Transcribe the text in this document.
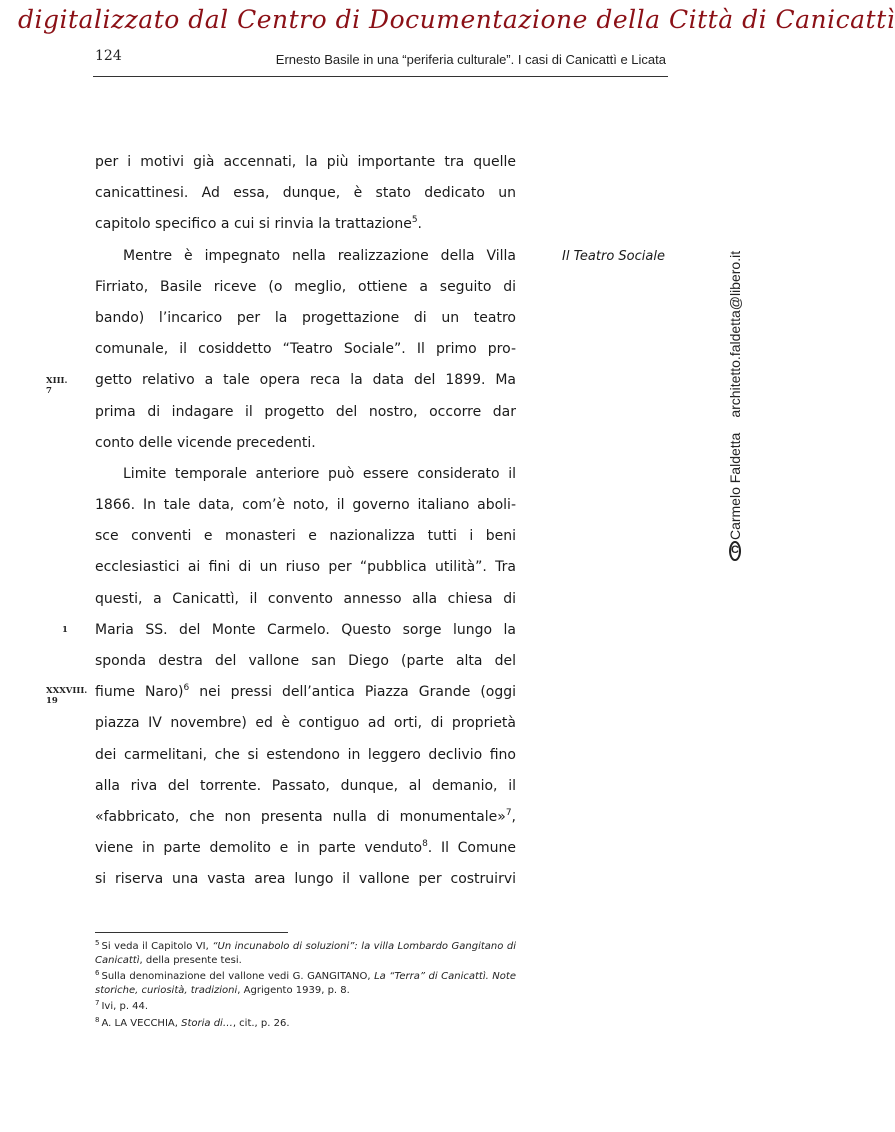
digitalizzato dal Centro di Documentazione della Città di Canicattì
124	Ernesto Basile in una “periferia culturale”. I casi di Canicattì e Licata
per i motivi già accennati, la più importante tra quelle
canicattinesi. Ad essa, dunque, è stato dedicato un
capitolo specifico a cui si rinvia la trattazione$^5$.
Mentre è impegnato nella realizzazione della Villa
Firriato, Basile riceve (o meglio, ottiene a seguito di
bando) l’incarico per la progettazione di un teatro
comunale, il cosiddetto “Teatro Sociale”. Il primo pro-
getto relativo a tale opera reca la data del 1899. Ma
prima di indagare il progetto del nostro, occorre dar
conto delle vicende precedenti.
Limite temporale anteriore può essere considerato il
1866. In tale data, com’è noto, il governo italiano aboli-
sce conventi e monasteri e nazionalizza tutti i beni
ecclesiastici ai fini di un riuso per “pubblica utilità”. Tra
questi, a Canicattì, il convento annesso alla chiesa di
Maria SS. del Monte Carmelo. Questo sorge lungo la
sponda destra del vallone san Diego (parte alta del
fiume Naro)$^6$ nei pressi dell’antica Piazza Grande (oggi
piazza IV novembre) ed è contiguo ad orti, di proprietà
dei carmelitani, che si estendono in leggero declivio fino
alla riva del torrente. Passato, dunque, al demanio, il
«fabbricato, che non presenta nulla di monumentale»$^7$,
viene in parte demolito e in parte venduto$^8$. Il Comune
si riserva una vasta area lungo il vallone per costruirvi
XIII.
7
1
XXXVIII.
19
Il Teatro Sociale
C
Carmelo Faldetta
architetto.faldetta@libero.it
$^5$ Si veda il Capitolo VI, “Un incunabolo di soluzioni”: la villa Lombardo Gangitano di Canicattì, della presente tesi.
$^6$ Sulla denominazione del vallone vedi G. GANGITANO, La “Terra” di Canicattì. Note storiche, curiosità, tradizioni, Agrigento 1939, p. 8.
$^7$ Ivi, p. 44.
$^8$ A. LA VECCHIA, Storia di…, cit., p. 26.
